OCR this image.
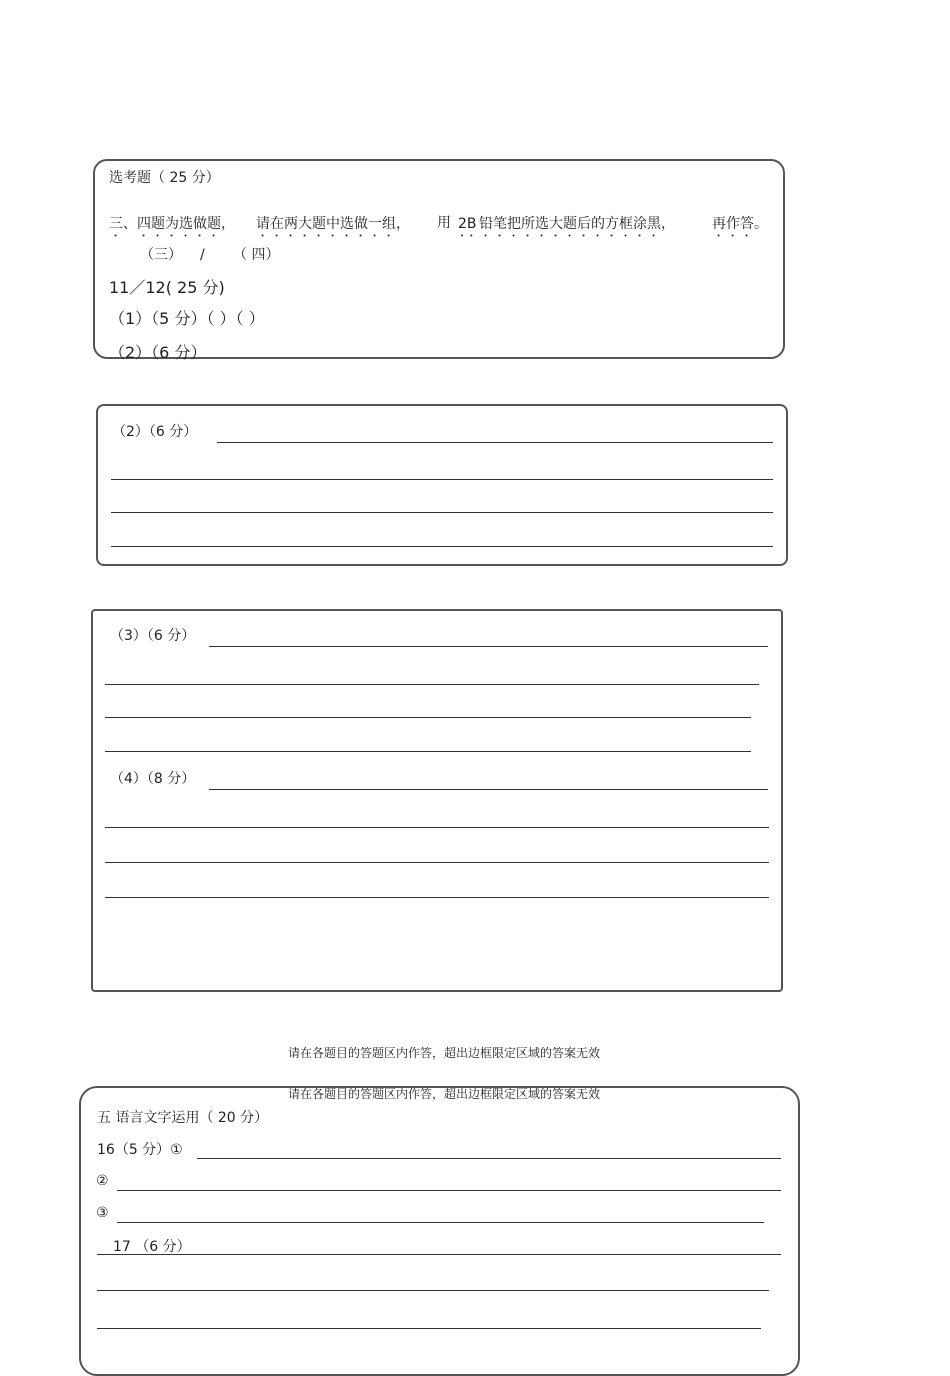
选考题（ 25 分）
三、四题为选做题， 请在两大题中选做一组， 用 2B 铅笔把所选大题后的方框涂黑，	再作答。
（三） / （ 四）
11／12( 25 分)
（1）（5 分）（ ）（ ）
（2）（6 分）
（2）（6 分）
（3）（6 分）
（4）（8 分）
请在各题目的答题区内作答，超出边框限定区域的答案无效
请在各题目的答题区内作答，超出边框限定区域的答案无效
五 语言文字运用（ 20 分）
16（5 分）①
②
③
17 （6 分）
